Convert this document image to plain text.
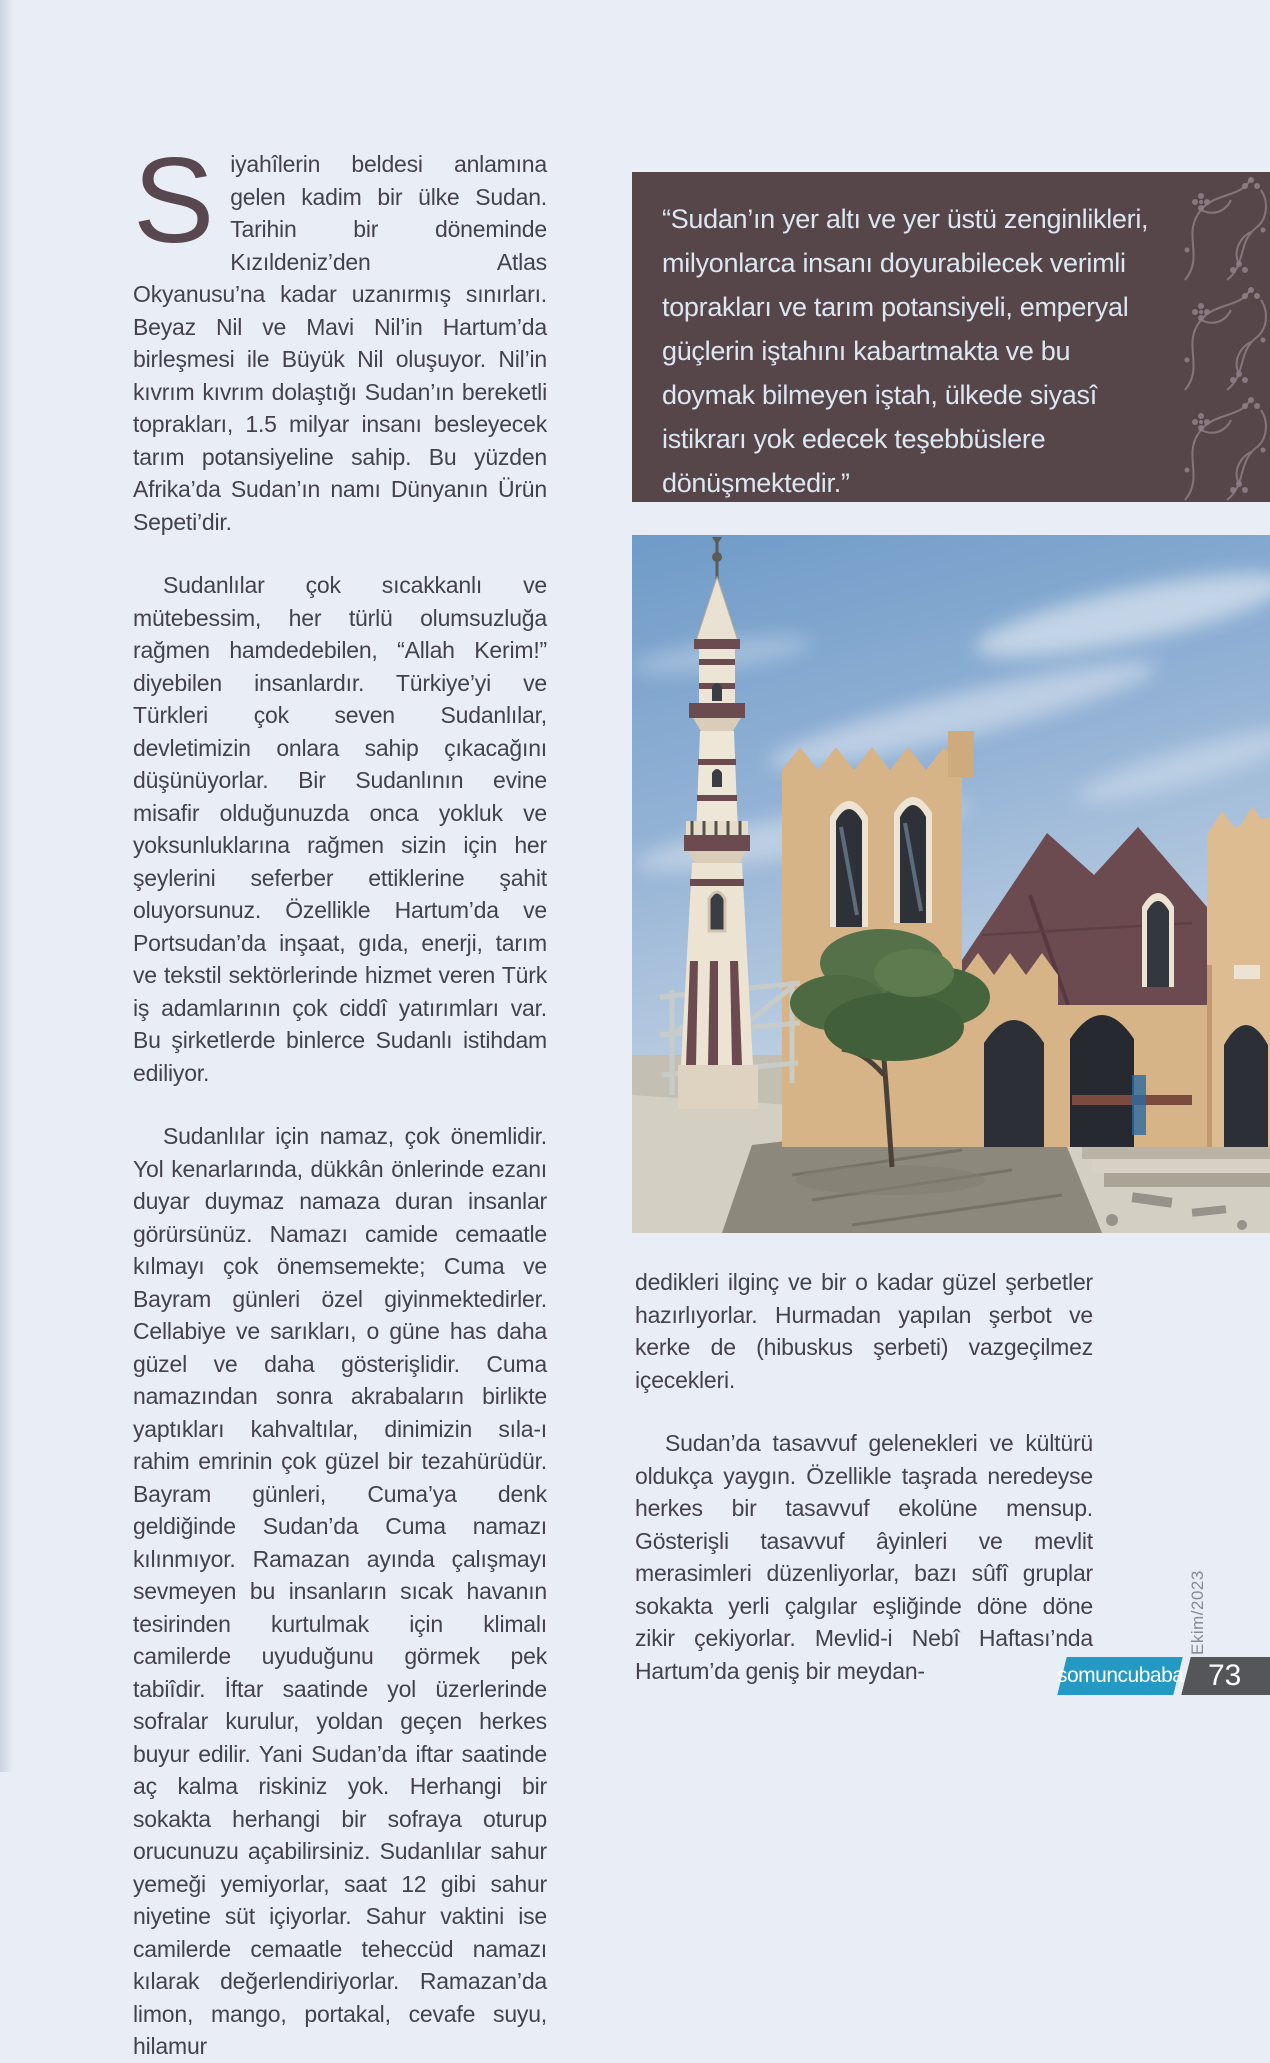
S iyahîlerin beldesi anlamına gelen kadim bir ülke Sudan. Tarihin bir döneminde Kızıldeniz’den Atlas Okyanusu’na kadar uzanırmış sınırları. Beyaz Nil ve Mavi Nil’in Hartum’da birleşmesi ile Büyük Nil oluşuyor. Nil’in kıvrım kıvrım dolaştığı Sudan’ın bereketli toprakları, 1.5 milyar insanı besleyecek tarım potansiyeline sahip. Bu yüzden Afrika’da Sudan’ın namı Dünyanın Ürün Sepeti’dir.

Sudanlılar çok sıcakkanlı ve mütebessim, her türlü olumsuzluğa rağmen hamdedebilen, “Allah Kerim!” diyebilen insanlardır. Türkiye’yi ve Türkleri çok seven Sudanlılar, devletimizin onlara sahip çıkacağını düşünüyorlar. Bir Sudanlının evine misafir olduğunuzda onca yokluk ve yoksunluklarına rağmen sizin için her şeylerini seferber ettiklerine şahit oluyorsunuz. Özellikle Hartum’da ve Portsudan’da inşaat, gıda, enerji, tarım ve tekstil sektörlerinde hizmet veren Türk iş adamlarının çok ciddî yatırımları var. Bu şirketlerde binlerce Sudanlı istihdam ediliyor.

Sudanlılar için namaz, çok önemlidir. Yol kenarlarında, dükkân önlerinde ezanı duyar duymaz namaza duran insanlar görürsünüz. Namazı camide cemaatle kılmayı çok önemsemekte; Cuma ve Bayram günleri özel giyinmektedirler. Cellabiye ve sarıkları, o güne has daha güzel ve daha gösterişlidir. Cuma namazından sonra akrabaların birlikte yaptıkları kahvaltılar, dinimizin sıla-ı rahim emrinin çok güzel bir tezahürüdür. Bayram günleri, Cuma’ya denk geldiğinde Sudan’da Cuma namazı kılınmıyor. Ramazan ayında çalışmayı sevmeyen bu insanların sıcak havanın tesirinden kurtulmak için klimalı camilerde uyuduğunu görmek pek tabiîdir. İftar saatinde yol üzerlerinde sofralar kurulur, yoldan geçen herkes buyur edilir. Yani Sudan’da iftar saatinde aç kalma riskiniz yok. Herhangi bir sokakta herhangi bir sofraya oturup orucunuzu açabilirsiniz. Sudanlılar sahur yemeği yemiyorlar, saat 12 gibi sahur niyetine süt içiyorlar. Sahur vaktini ise camilerde cemaatle teheccüd namazı kılarak değerlendiriyorlar. Ramazan’da limon, mango, portakal, cevafe suyu, hilamur

“Sudan’ın yer altı ve yer üstü zenginlikleri, milyonlarca insanı doyurabilecek verimli toprakları ve tarım potansiyeli, emperyal güçlerin iştahını kabartmakta ve bu doymak bilmeyen iştah, ülkede siyasî istikrarı yok edecek teşebbüslere dönüşmektedir.”

dedikleri ilginç ve bir o kadar güzel şerbetler hazırlıyorlar. Hurmadan yapılan şerbot ve kerke de (hibuskus şerbeti) vazgeçilmez içecekleri.

Sudan’da tasavvuf gelenekleri ve kültürü oldukça yaygın. Özellikle taşrada neredeyse herkes bir tasavvuf ekolüne mensup. Gösterişli tasavvuf âyinleri ve mevlit merasimleri düzenliyorlar, bazı sûfî gruplar sokakta yerli çalgılar eşliğinde döne döne zikir çekiyorlar. Mevlid-i Nebî Haftası’nda Hartum’da geniş bir meydan-

Ekim/2023
somuncubaba 73
